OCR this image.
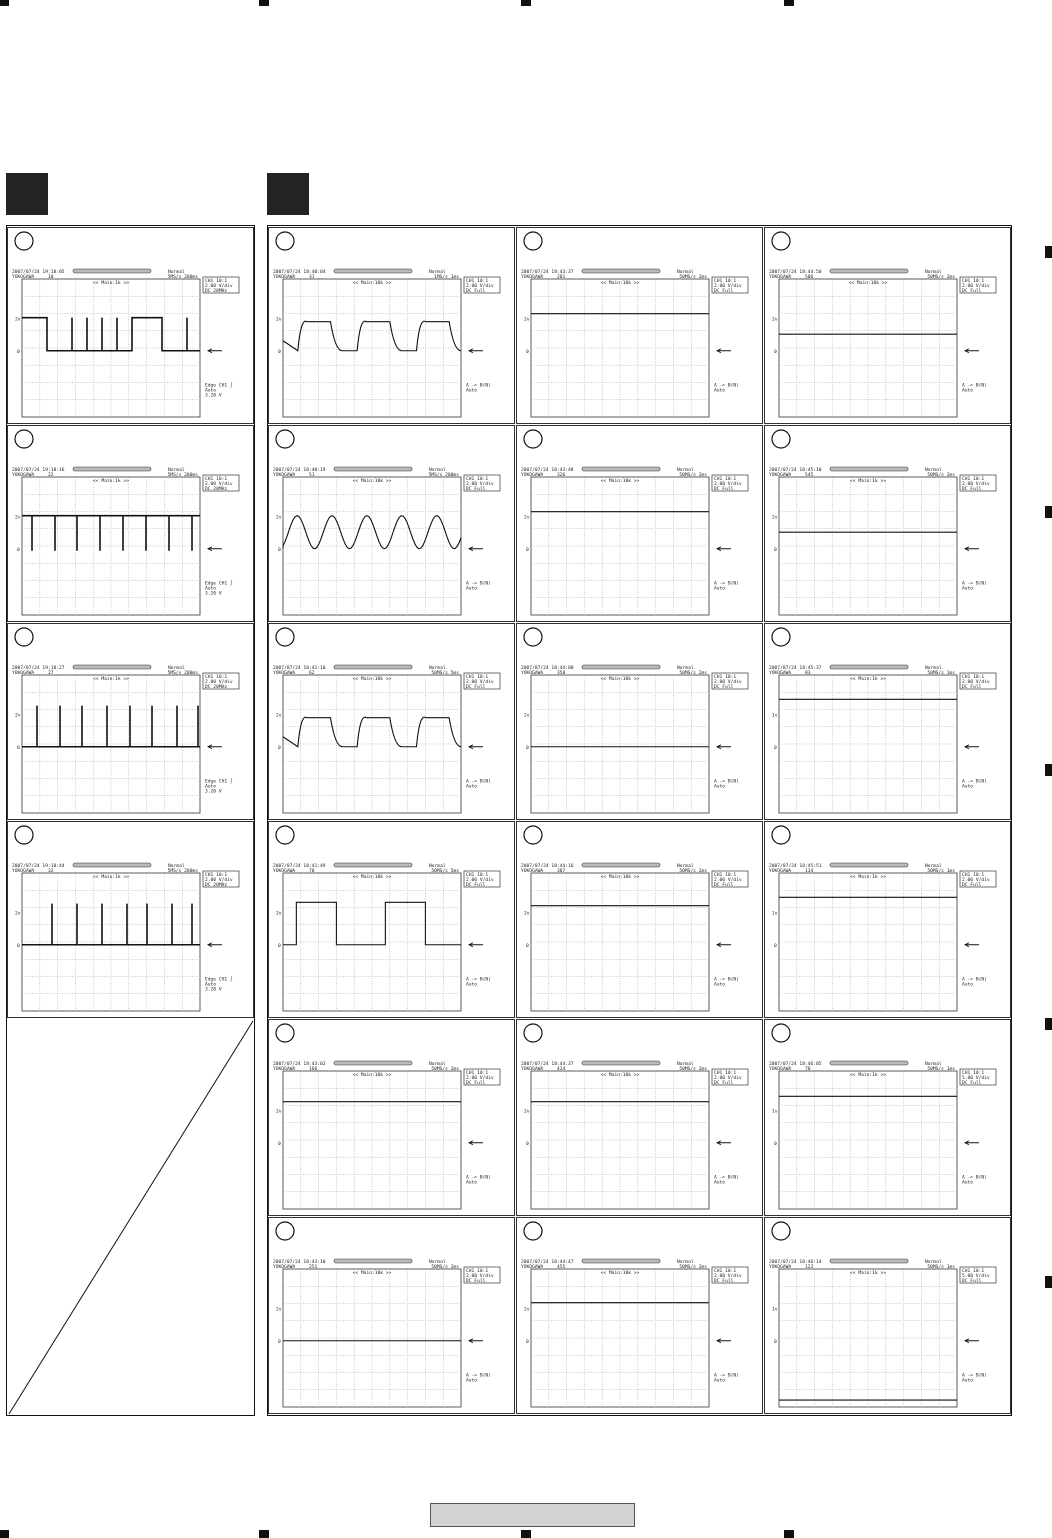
2007/07/24 19:18:05
YOKOGAWA	10
Normal
5MS/s 200ms
<< Main:1k >>
2v
0
CH1 10:1
2.00 V/div
DC 20MHz
Edge CH1 ∫
Auto
3.20 V
2007/07/24 19:18:16
YOKOGAWA	22
Normal
5MS/s 200ms
<< Main:1k >>
2v
0
CH1 10:1
2.00 V/div
DC 20MHz
Edge CH1 ∫
Auto
3.20 V
2007/07/24 19:18:27
YOKOGAWA	27
Normal
5MS/s 200ms
<< Main:1k >>
2v
0
CH1 10:1
2.00 V/div
DC 20MHz
Edge CH1 ∫
Auto
3.20 V
2007/07/24 19:18:44
YOKOGAWA	32
Normal
5MS/s 200ms
<< Main:1k >>
2v
0
CH1 10:1
2.00 V/div
DC 20MHz
Edge CH1 ∫
Auto
3.20 V
2007/07/24 18:40:04
YOKOGAWA	31
Normal
1MS/s 1ms
<< Main:10k >>
2v
0
CH1 10:1
2.00 V/div
DC Full
A -> B(N)
Auto
2007/07/24 18:43:37
YOKOGAWA	281
Normal
50MS/s 2ms
<< Main:10k >>
2v
0
CH1 10:1
2.00 V/div
DC Full
A -> B(N)
Auto
2007/07/24 18:44:50
YOKOGAWA	506
Normal
50MS/s 2ms
<< Main:10k >>
2v
0
CH1 10:1
2.00 V/div
DC Full
A -> B(N)
Auto
2007/07/24 18:40:19
YOKOGAWA	51
Normal
5MS/s 200ms
<< Main:10k >>
2v
0
CH1 10:1
2.00 V/div
DC Full
A -> B(N)
Auto
2007/07/24 18:43:48
YOKOGAWA	326
Normal
50MS/s 2ms
<< Main:10k >>
2v
0
CH1 10:1
2.00 V/div
DC Full
A -> B(N)
Auto
2007/07/24 18:45:10
YOKOGAWA	545
Normal
50MS/s 2ms
<< Main:1k >>
2v
0
CH1 10:1
2.00 V/div
DC Full
A -> B(N)
Auto
2007/07/24 18:41:10
YOKOGAWA	62
Normal
50MS/s 5ms
<< Main:10k >>
2v
0
CH1 10:1
2.00 V/div
DC Full
A -> B(N)
Auto
2007/07/24 18:44:00
YOKOGAWA	358
Normal
50MS/s 2ms
<< Main:10k >>
2v
0
CH1 10:1
2.00 V/div
DC Full
A -> B(N)
Auto
2007/07/24 18:45:37
YOKOGAWA	83
Normal
50MS/s 1ms
<< Main:1k >>
1v
0
CH1 10:1
2.00 V/div
DC Full
A -> B(N)
Auto
2007/07/24 18:41:49
YOKOGAWA	78
Normal
50MS/s 5ms
<< Main:10k >>
2v
0
CH1 10:1
2.00 V/div
DC Full
A -> B(N)
Auto
2007/07/24 18:44:16
YOKOGAWA	387
Normal
50MS/s 2ms
<< Main:10k >>
2v
0
CH1 10:1
2.00 V/div
DC Full
A -> B(N)
Auto
2007/07/24 18:45:51
YOKOGAWA	134
Normal
50MS/s 1ms
<< Main:1k >>
1v
0
CH1 10:1
2.00 V/div
DC Full
A -> B(N)
Auto
2007/07/24 18:43:02
YOKOGAWA	166
Normal
50MS/s 2ms
<< Main:10k >>
2v
0
CH1 10:1
2.00 V/div
DC Full
A -> B(N)
Auto
2007/07/24 18:44:37
YOKOGAWA	424
Normal
50MS/s 2ms
<< Main:10k >>
2v
0
CH1 10:1
2.00 V/div
DC Full
A -> B(N)
Auto
2007/07/24 18:46:05
YOKOGAWA	70
Normal
50MS/s 1ms
<< Main:1k >>
1v
0
CH1 10:1
5.00 V/div
DC Full
A -> B(N)
Auto
2007/07/24 18:43:10
YOKOGAWA	251
Normal
50MS/s 2ms
<< Main:10k >>
2v
0
CH1 10:1
2.00 V/div
DC Full
A -> B(N)
Auto
2007/07/24 18:44:47
YOKOGAWA	455
Normal
50MS/s 2ms
<< Main:10k >>
2v
0
CH1 10:1
2.00 V/div
DC Full
A -> B(N)
Auto
2007/07/24 18:46:14
YOKOGAWA	123
Normal
50MS/s 1ms
<< Main:1k >>
1v
0
CH1 10:1
5.00 V/div
DC Full
A -> B(N)
Auto
